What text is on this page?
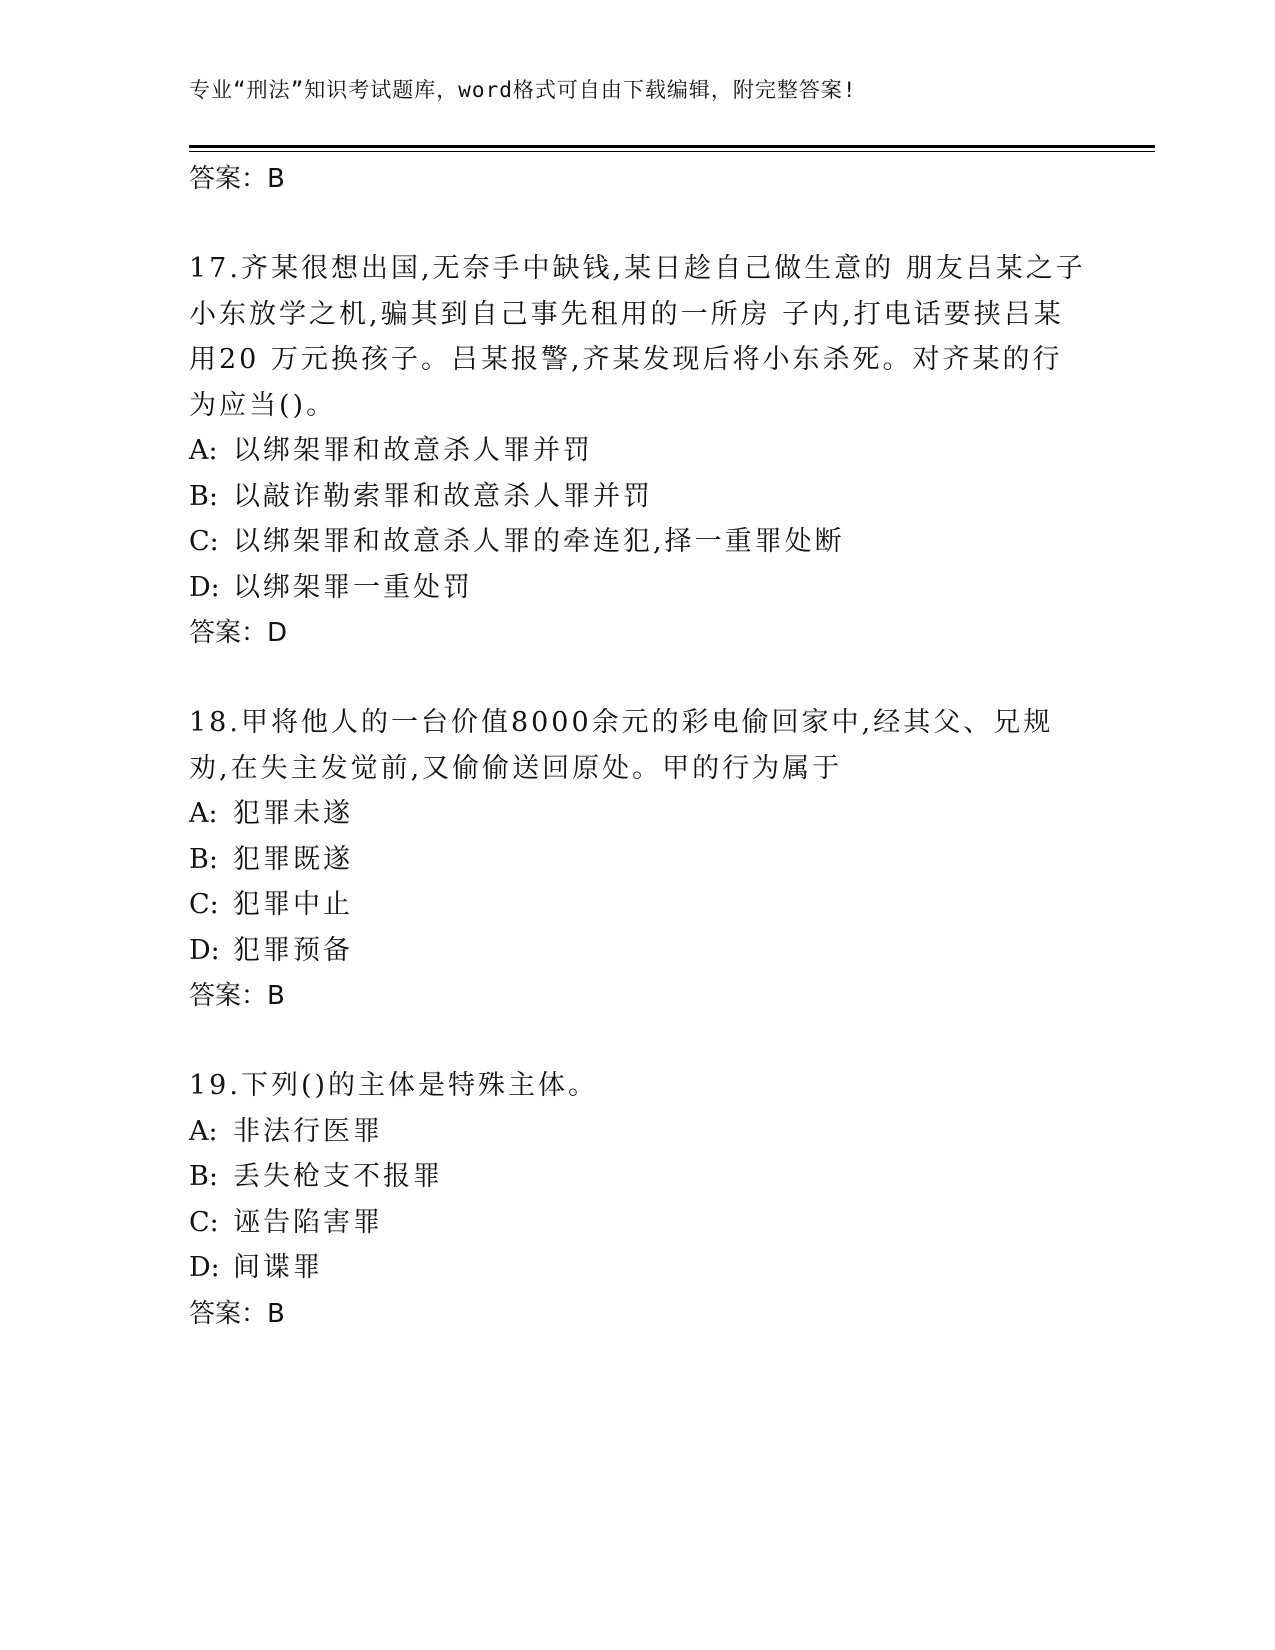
专业“刑法”知识考试题库，word格式可自由下载编辑，附完整答案!
答案：B
17.齐某很想出国,无奈手中缺钱,某日趁自己做生意的 朋友吕某之子小东放学之机,骗其到自己事先租用的一所房 子内,打电话要挟吕某用20 万元换孩子。吕某报警,齐某发现后将小东杀死。对齐某的行为应当()。
A: 以绑架罪和故意杀人罪并罚
B: 以敲诈勒索罪和故意杀人罪并罚
C: 以绑架罪和故意杀人罪的牵连犯,择一重罪处断
D: 以绑架罪一重处罚
答案：D
18.甲将他人的一台价值8000余元的彩电偷回家中,经其父、兄规劝,在失主发觉前,又偷偷送回原处。甲的行为属于
A: 犯罪未遂
B: 犯罪既遂
C: 犯罪中止
D: 犯罪预备
答案：B
19.下列()的主体是特殊主体。
A: 非法行医罪
B: 丢失枪支不报罪
C: 诬告陷害罪
D: 间谍罪
答案：B
